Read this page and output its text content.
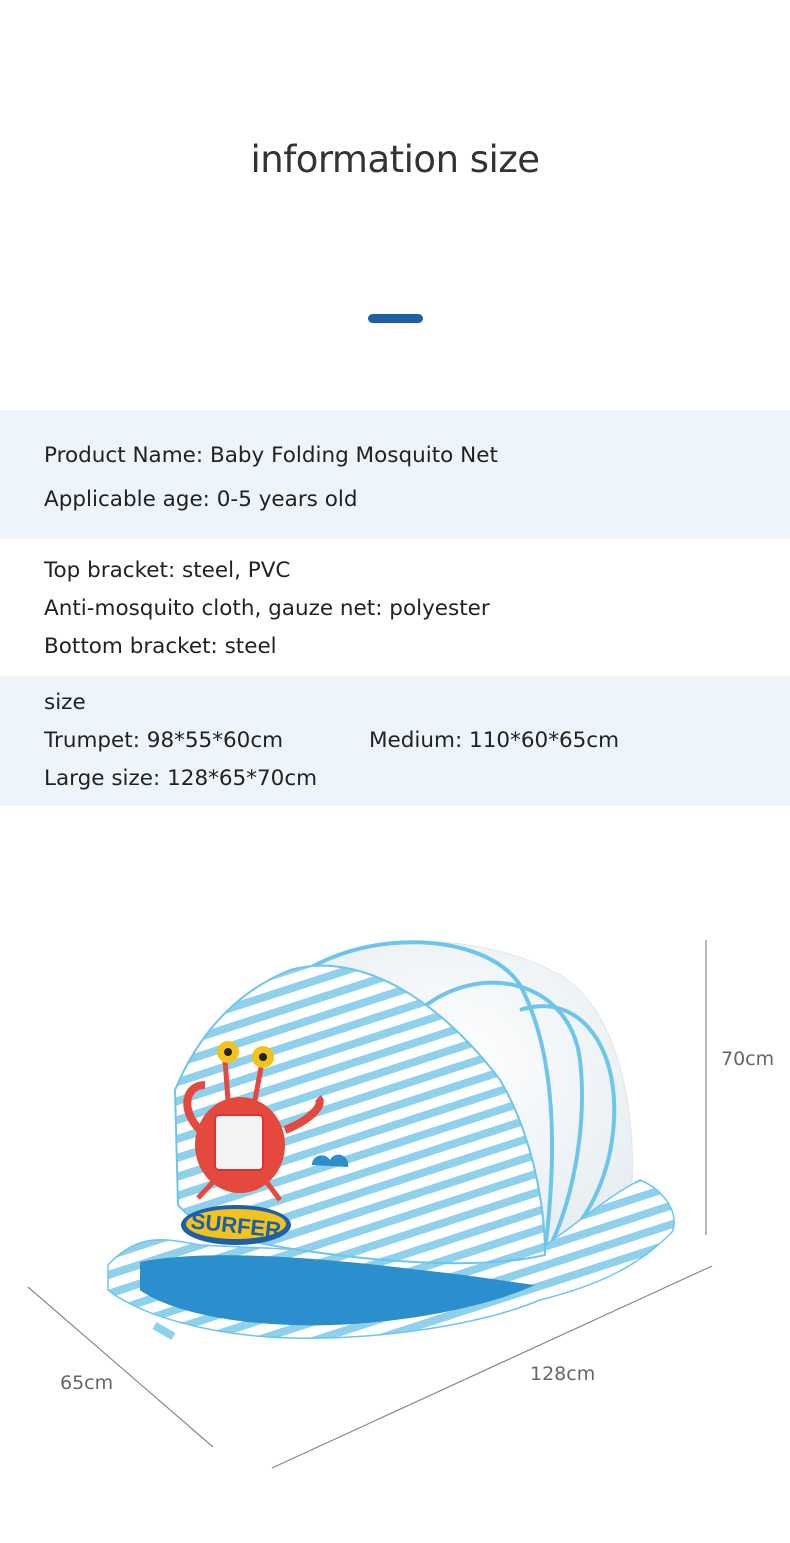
information size
Product Name: Baby Folding Mosquito Net
Applicable age: 0-5 years old
Top bracket: steel, PVC
Anti-mosquito cloth, gauze net: polyester
Bottom bracket: steel
size
Trumpet: 98*55*60cm	Medium: 110*60*65cm
Large size: 128*65*70cm
SURFER
70cm
65cm	128cm
